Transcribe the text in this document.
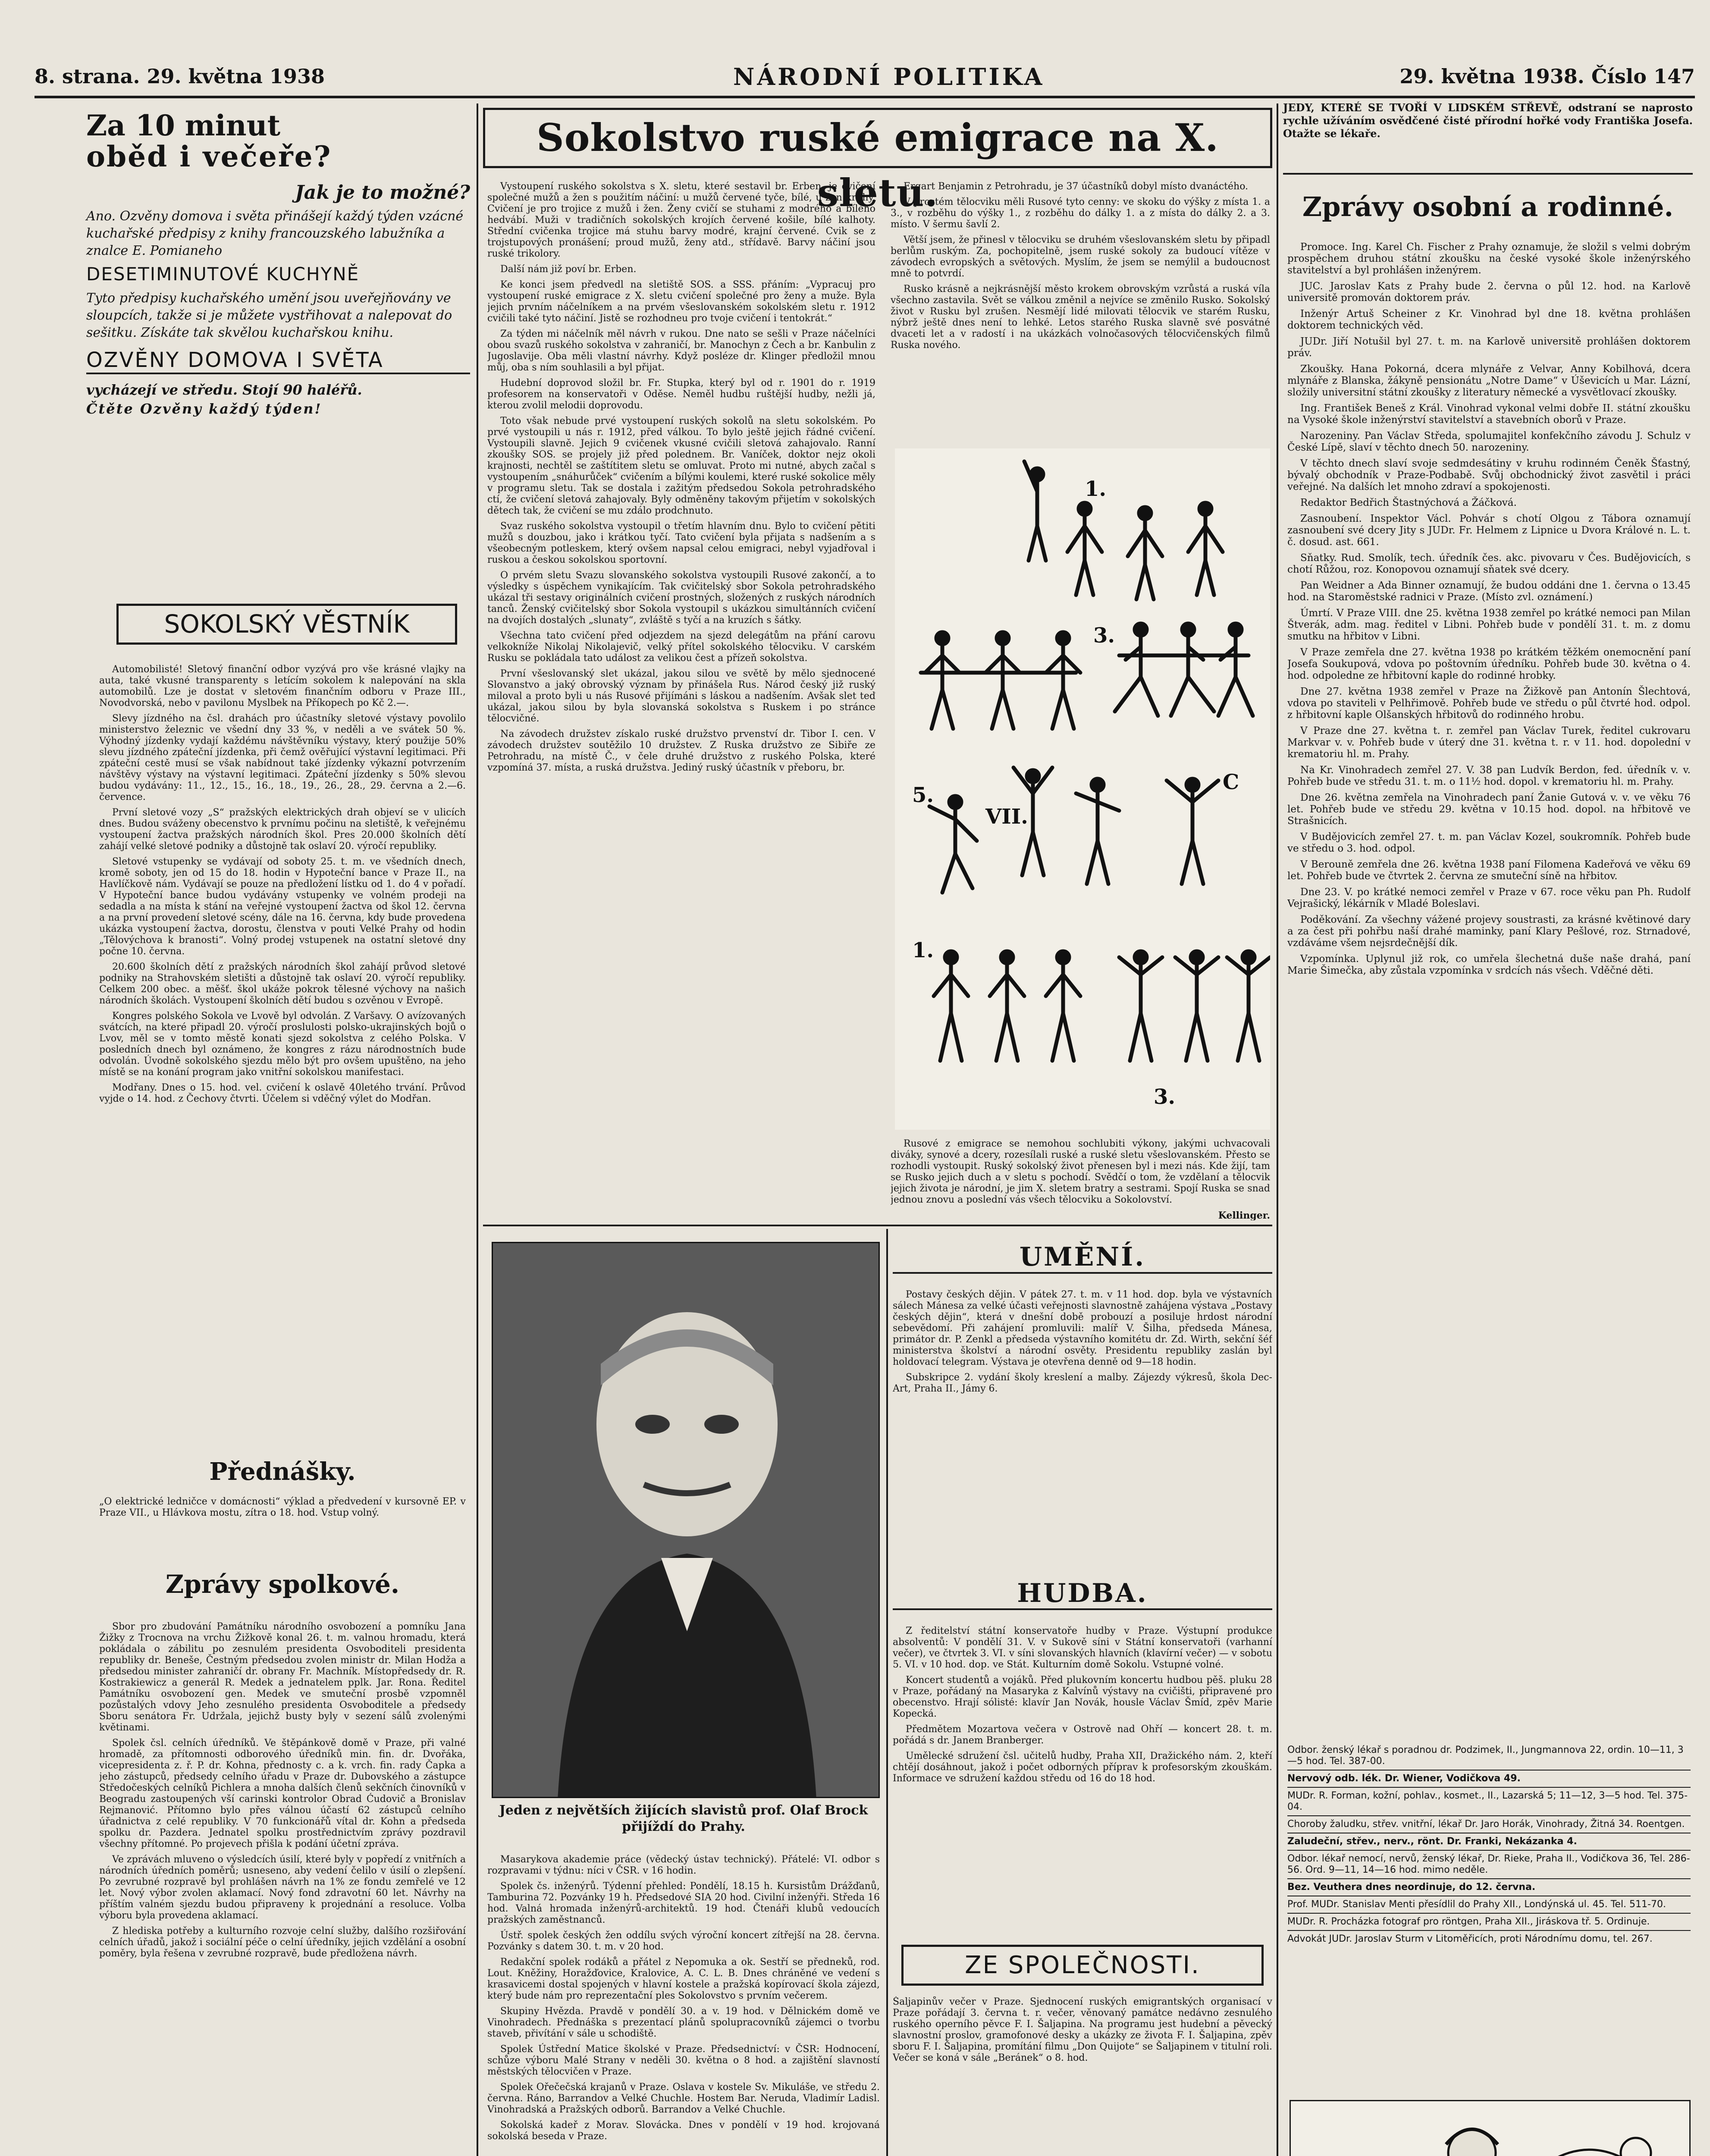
8. strana. 29. května 1938	NÁRODNÍ POLITIKA	29. května 1938. Číslo 147
Za 10 minut
oběd i večeře?
Jak je to možné?
Ano. Ozvěny domova i světa přinášejí každý týden vzácné kuchařské předpisy z knihy francouzského labužníka a znalce E. Pomianeho
DESETIMINUTOVÉ KUCHYNĚ
Tyto předpisy kuchařského umění jsou uveřejňovány ve sloupcích, takže si je můžete vystřihovat a nalepovat do sešitku. Získáte tak skvělou kuchařskou knihu.
OZVĚNY DOMOVA I SVĚTA
vycházejí ve středu. Stojí 90 haléřů.
Čtěte Ozvěny každý týden!
SOKOLSKÝ VĚSTNÍK

Automobilisté! Sletový finanční odbor vyzývá pro vše krásné vlajky na auta, také vkusné transparenty s letícím sokolem k nalepování na skla automobilů. Lze je dostat v sletovém finančním odboru v Praze III., Novodvorská, nebo v pavilonu Myslbek na Příkopech po Kč 2.—.

Slevy jízdného na čsl. drahách pro účastníky sletové výstavy povolilo ministerstvo železnic ve všední dny 33 %, v neděli a ve svátek 50 %. Výhodný jízdenky vydají každému návštěvníku výstavy, který použije 50% slevu jízdného zpáteční jízdenka, při čemž ověřující výstavní legitimaci. Při zpáteční cestě musí se však nabídnout také jízdenky výkazní potvrzením návštěvy výstavy na výstavní legitimaci. Zpáteční jízdenky s 50% slevou budou vydávány: 11., 12., 15., 16., 18., 19., 26., 28., 29. června a 2.—6. července.

První sletové vozy „S“ pražských elektrických drah objeví se v ulicích dnes. Budou sváženy obecenstvo k prvnímu počinu na sletiště, k veřejnému vystoupení žactva pražských národních škol. Pres 20.000 školních dětí zahájí velké sletové podniky a důstojně tak oslaví 20. výročí republiky.

Sletové vstupenky se vydávají od soboty 25. t. m. ve všedních dnech, kromě soboty, jen od 15 do 18. hodin v Hypoteční bance v Praze II., na Havlíčkově nám. Vydávají se pouze na předložení lístku od 1. do 4 v pořadí. V Hypoteční bance budou vydávány vstupenky ve volném prodeji na sedadla a na místa k stání na veřejné vystoupení žactva od škol 12. června a na první provedení sletové scény, dále na 16. června, kdy bude provedena ukázka vystoupení žactva, dorostu, členstva v pouti Velké Prahy od hodin „Tělovýchova k branosti“. Volný prodej vstupenek na ostatní sletové dny počne 10. června.

20.600 školních dětí z pražských národních škol zahájí průvod sletové podniky na Strahovském sletišti a důstojně tak oslaví 20. výročí republiky. Celkem 200 obec. a měšť. škol ukáže pokrok tělesné výchovy na našich národních školách. Vystoupení školních dětí budou s ozvěnou v Evropě.

Kongres polského Sokola ve Lvově byl odvolán. Z Varšavy. O avízovaných svátcích, na které připadl 20. výročí proslulosti polsko-ukrajinských bojů o Lvov, měl se v tomto městě konati sjezd sokolstva z celého Polska. V posledních dnech byl oznámeno, že kongres z rázu národnostních bude odvolán. Úvodně sokolského sjezdu mělo být pro ovšem upuštěno, na jeho místě se na konání program jako vnitřní sokolskou manifestaci.

Modřany. Dnes o 15. hod. vel. cvičení k oslavě 40letého trvání. Průvod vyjde o 14. hod. z Čechovy čtvrti. Účelem si vděčný výlet do Modřan.

Přednášky.
„O elektrické ledničce v domácnosti“ výklad a předvedení v kursovně EP. v Praze VII., u Hlávkova mostu, zítra o 18. hod. Vstup volný.
Zprávy spolkové.

Sbor pro zbudování Památníku národního osvobození a pomníku Jana Žižky z Trocnova na vrchu Žižkově konal 26. t. m. valnou hromadu, která pokládala o zábilitu po zesnulém presidenta Osvoboditeli presidenta republiky dr. Beneše, Čestným předsedou zvolen ministr dr. Milan Hodža a předsedou minister zahraničí dr. obrany Fr. Machník. Místopředsedy dr. R. Kostrakiewicz a generál R. Medek a jednatelem pplk. Jar. Rona. Ředitel Památníku osvobození gen. Medek ve smuteční prosbě vzpomněl pozůstalých vdovy Jeho zesnulého presidenta Osvoboditele a předsedy Sboru senátora Fr. Udržala, jejichž busty byly v sezení sálů zvolenými květinami.

Spolek čsl. celních úředníků. Ve štěpánkově domě v Praze, při valné hromadě, za přítomnosti odborového úředníků min. fin. dr. Dvořáka, vicepresidenta z. ř. P. dr. Kohna, přednosty c. a k. vrch. fin. rady Čapka a jeho zástupců, předsedy celního úřadu v Praze dr. Dubovského a zástupce Středočeských celníků Pichlera a mnoha dalších členů sekčních činovníků v Beogradu zastoupených vší carinski kontrolor Obrad Ćudovič a Bronislav Rejmanović. Přítomno bylo přes válnou účastí 62 zástupců celního úřadnictva z celé republiky. V 70 funkcionářů vítal dr. Kohn a předseda spolku dr. Pazdera. Jednatel spolku prostřednictvím zprávy pozdravil všechny přítomné. Po projevech přišla k podání účetní zpráva.

Ve zprávách mluveno o výsledcích úsilí, které byly v popředí z vnitřních a národních úředních poměrů; usneseno, aby vedení čelilo v úsilí o zlepšení. Po zevrubné rozpravě byl prohlášen návrh na 1% ze fondu zemřelé ve 12 let. Nový výbor zvolen aklamací. Nový fond zdravotní 60 let. Návrhy na příštím valném sjezdu budou připraveny k projednání a resoluce. Volba výboru byla provedena aklamací.

Z hlediska potřeby a kulturního rozvoje celní služby, dalšího rozšiřování celních úřadů, jakož i sociální péče o celní úředníky, jejich vzdělání a osobní poměry, byla řešena v zevrubné rozpravě, bude předložena návrh.

Sokolstvo ruské emigrace na X. sletu.

Vystoupení ruského sokolstva s X. sletu, které sestavil br. Erben, je cvičení společné mužů a žen s použitím náčiní: u mužů červené tyče, bílé, u žen kruhy. Cvičení je pro trojice z mužů i žen. Ženy cvičí se stuhami z modrého a bílého hedvábí. Muži v tradičních sokolských krojích červené košile, bílé kalhoty. Střední cvičenka trojice má stuhu barvy modré, krajní červené. Cvik se z trojstupových pronášení; proud mužů, ženy atd., střídavě. Barvy náčiní jsou ruské trikolory.

Další nám již poví br. Erben.

Ke konci jsem předvedl na sletiště SOS. a SSS. přáním: „Vypracuj pro vystoupení ruské emigrace z X. sletu cvičení společné pro ženy a muže. Byla jejich prvním náčelníkem a na prvém všeslovanském sokolském sletu r. 1912 cvičili také tyto náčiní. Jistě se rozhodneu pro tvoje cvičení i tentokrát.“

Za týden mi náčelník měl návrh v rukou. Dne nato se sešli v Praze náčelníci obou svazů ruského sokolstva v zahraničí, br. Manochyn z Čech a br. Kanbulin z Jugoslavije. Oba měli vlastní návrhy. Když posléze dr. Klinger předložil mnou můj, oba s ním souhlasili a byl přijat.

Hudební doprovod složil br. Fr. Stupka, který byl od r. 1901 do r. 1919 profesorem na konservatoři v Oděse. Neměl hudbu ruštější hudby, nežli já, kterou zvolil melodii doprovodu.

Toto však nebude prvé vystoupení ruských sokolů na sletu sokolském. Po prvé vystoupili u nás r. 1912, před válkou. To bylo ještě jejich řádné cvičení. Vystoupili slavně. Jejich 9 cvičenek vkusné cvičili sletová zahajovalo. Ranní zkoušky SOS. se projely již před polednem. Br. Vaníček, doktor nejz okoli krajnosti, nechtěl se zaštítitem sletu se omluvat. Proto mi nutné, abych začal s vystoupením „snáhurůček“ cvičením a bílými koulemi, které ruské sokolice měly v programu sletu. Tak se dostala i zažitým předsedou Sokola petrohradského ctí, že cvičení sletová zahajovaly. Byly odměněny takovým přijetím v sokolských dětech tak, že cvičení se mu zdálo prodchnuto.

Svaz ruského sokolstva vystoupil o třetím hlavním dnu. Bylo to cvičení pětiti mužů s douzbou, jako i krátkou tyčí. Tato cvičení byla přijata s nadšením a s všeobecným potleskem, který ovšem napsal celou emigraci, nebyl vyjadřoval i ruskou a českou sokolskou sportovní.

O prvém sletu Svazu slovanského sokolstva vystoupili Rusové zakončí, a to výsledky s úspěchem vynikajícím. Tak cvičitelský sbor Sokola petrohradského ukázal tři sestavy originálních cvičení prostných, složených z ruských národních tanců. Ženský cvičitelský sbor Sokola vystoupil s ukázkou simultánních cvičení na dvojích dostalých „slunaty“, zvláště s tyčí a na kruzích s šátky.

Všechna tato cvičení před odjezdem na sjezd delegátům na přání carovu velkokníže Nikolaj Nikolajevič, velký přítel sokolského tělocviku. V carském Rusku se pokládala tato událost za velikou čest a přízeň sokolstva.

První všeslovanský slet ukázal, jakou silou ve světě by mělo sjednocené Slovanstvo a jaký obrovský význam by přinášela Rus. Národ český již ruský miloval a proto byli u nás Rusové přijímáni s láskou a nadšením. Avšak slet teď ukázal, jakou silou by byla slovanská sokolstva s Ruskem i po stránce tělocvičné.

Na závodech družstev získalo ruské družstvo prvenství dr. Tibor I. cen. V závodech družstev soutěžilo 10 družstev. Z Ruska družstvo ze Sibiře ze Petrohradu, na místě Č., v čele druhé družstvo z ruského Polska, které vzpomíná 37. místa, a ruská družstva. Jediný ruský účastník v přeboru, br.

Ergart Benjamin z Petrohradu, je 37 účastníků dobyl místo dvanáctého.

V prostém tělocviku měli Rusové tyto cenny: ve skoku do výšky z místa 1. a 3., v rozběhu do výšky 1., z rozběhu do dálky 1. a z místa do dálky 2. a 3. místo. V šermu šavlí 2.

Větší jsem, že přinesl v tělocviku se druhém všeslovanském sletu by připadl berlům ruským. Za, pochopitelně, jsem ruské sokoly za budoucí vítěze v závodech evropských a světových. Myslím, že jsem se nemýlil a budoucnost mně to potvrdí.

Rusko krásně a nejkrásnější město krokem obrovským vzrůstá a ruská víla všechno zastavila. Svět se válkou změnil a nejvíce se změnilo Rusko. Sokolský život v Rusku byl zrušen. Nesmějí lidé milovati tělocvik ve starém Rusku, nýbrž ještě dnes není to lehké. Letos starého Ruska slavně své posvátné dvaceti let a v radostí i na ukázkách volnočasových tělocvičenských filmů Ruska nového.

1.
3.
5.
VII.
C
1.
3.

Rusové z emigrace se nemohou sochlubiti výkony, jakými uchvacovali diváky, synové a dcery, rozesílali ruské a ruské sletu všeslovanském. Přesto se rozhodli vystoupit. Ruský sokolský život přenesen byl i mezi nás. Kde žijí, tam se Rusko jejich duch a v sletu s pochodí. Svědčí o tom, že vzdělaní a tělocvik jejich života je národní, je jim X. sletem bratry a sestrami. Spojí Ruska se snad jednou znovu a poslední vás všech tělocviku a Sokolovství.

Kellinger.
Jeden z největších žijících slavistů prof. Olaf Brock přijíždí do Prahy.

Masarykova akademie práce (vědecký ústav technický). Přátelé: VI. odbor s rozpravami v týdnu: níci v ČSR. v 16 hodin.

Spolek čs. inženýrů. Týdenní přehled: Pondělí, 18.15 h. Kursistům Drážďanů, Tamburina 72. Pozvánky 19 h. Předsedové SIA 20 hod. Civilní inženýři. Středa 16 hod. Valná hromada inženýrů-architektů. 19 hod. Čtenáři klubů vedoucích pražských zaměstnanců.

Ústř. spolek českých žen oddílu svých výroční koncert zítřejší na 28. června. Pozvánky s datem 30. t. m. v 20 hod.

Redakční spolek rodáků a přátel z Nepomuka a ok. Sestří se předneků, rod. Lout. Kněžiny, Horažďovice, Kralovice, A. C. L. B. Dnes chráněné ve vedení s krasavicemi dostal spojených v hlavní kostele a pražská kopírovací škola zájezd, který bude nám pro reprezentační ples Sokolovstvo s prvním večerem.

Skupiny Hvězda. Pravdě v pondělí 30. a v. 19 hod. v Dělnickém domě ve Vinohradech. Přednáška s prezentací plánů spolupracovníků zájemci o tvorbu staveb, přivítání v sále u schodiště.

Spolek Ústřední Matice školské v Praze. Předsednictví: v ČSR: Hodnocení, schůze výboru Malé Strany v neděli 30. května o 8 hod. a zajištění slavností městských tělocvičen v Praze.

Spolek Ořečečská krajanů v Praze. Oslava v kostele Sv. Mikuláše, ve středu 2. června. Ráno, Barrandov a Velké Chuchle. Hostem Bar. Neruda, Vladimír Ladisl. Vinohradská a Pražských odborů. Barrandov a Velké Chuchle.

Sokolská kadeř z Morav. Slovácka. Dnes v pondělí v 19 hod. krojovaná sokolská beseda v Praze.

UMĚNÍ.

Postavy českých dějin. V pátek 27. t. m. v 11 hod. dop. byla ve výstavních sálech Mánesa za velké účasti veřejnosti slavnostně zahájena výstava „Postavy českých dějin“, která v dnešní době probouzí a posiluje hrdost národní sebevědomí. Při zahájení promluvili: malíř V. Šilha, předseda Mánesa, primátor dr. P. Zenkl a předseda výstavního komitétu dr. Zd. Wirth, sekční šéf ministerstva školství a národní osvěty. Presidentu republiky zaslán byl holdovací telegram. Výstava je otevřena denně od 9—18 hodin.

Subskripce 2. vydání školy kreslení a malby. Zájezdy výkresů, škola Dec-Art, Praha II., Jámy 6.

HUDBA.

Z ředitelství státní konservatoře hudby v Praze. Výstupní produkce absolventů: V pondělí 31. V. v Sukově síni v Státní konservatoři (varhanní večer), ve čtvrtek 3. VI. v síni slovanských hlavních (klavírní večer) — v sobotu 5. VI. v 10 hod. dop. ve Stát. Kulturním domě Sokolu. Vstupné volné.

Koncert studentů a vojáků. Před plukovním koncertu hudbou pěš. pluku 28 v Praze, pořádaný na Masaryka z Kalvínů výstavy na cvičišti, připravené pro obecenstvo. Hrají sólisté: klavír Jan Novák, housle Václav Šmíd, zpěv Marie Kopecká.

Předmětem Mozartova večera v Ostrově nad Ohří — koncert 28. t. m. pořádá s dr. Janem Branberger.

Umělecké sdružení čsl. učitelů hudby, Praha XII, Dražického nám. 2, kteří chtějí dosáhnout, jakož i počet odborných příprav k profesorským zkouškám. Informace ve sdružení každou středu od 16 do 18 hod.

ZE SPOLEČNOSTI.
Šaljapinův večer v Praze. Sjednocení ruských emigrantských organisací v Praze pořádají 3. června t. r. večer, věnovaný památce nedávno zesnulého ruského operního pěvce F. I. Šaljapina. Na programu jest hudební a pěvecký slavnostní proslov, gramofonové desky a ukázky ze života F. I. Šaljapina, zpěv sboru F. I. Šaljapina, promítání filmu „Don Quijote“ se Šaljapinem v titulní roli. Večer se koná v sále „Beránek“ o 8. hod.
JEDY, KTERÉ SE TVOŘÍ V LIDSKÉM STŘEVĚ, odstraní se naprosto rychle užíváním osvědčené čisté přírodní hořké vody Františka Josefa. Otažte se lékaře.
Zprávy osobní a rodinné.

Promoce. Ing. Karel Ch. Fischer z Prahy oznamuje, že složil s velmi dobrým prospěchem druhou státní zkoušku na české vysoké škole inženýrského stavitelství a byl prohlášen inženýrem.

JUC. Jaroslav Kats z Prahy bude 2. června o půl 12. hod. na Karlově universitě promován doktorem práv.

Inženýr Artuš Scheiner z Kr. Vinohrad byl dne 18. května prohlášen doktorem technických věd.

JUDr. Jiří Notušil byl 27. t. m. na Karlově universitě prohlášen doktorem práv.

Zkoušky. Hana Pokorná, dcera mlynáře z Velvar, Anny Kobilhová, dcera mlynáře z Blanska, žákyně pensionátu „Notre Dame“ v Úševicích u Mar. Lázní, složily universitní státní zkoušky z literatury německé a vysvětlovací zkoušky.

Ing. František Beneš z Král. Vinohrad vykonal velmi dobře II. státní zkoušku na Vysoké škole inženýrství stavitelství a stavebních oborů v Praze.

Narozeniny. Pan Václav Středa, spolumajitel konfekčního závodu J. Schulz v České Lípě, slaví v těchto dnech 50. narozeniny.

V těchto dnech slaví svoje sedmdesátiny v kruhu rodinném Čeněk Šťastný, bývalý obchodník v Praze-Podbabě. Svůj obchodnický život zasvětil i práci veřejné. Na dalších let mnoho zdraví a spokojenosti.

Redaktor Bedřich Štastnýchová a Žáčková.

Zasnoubení. Inspektor Václ. Pohvár s chotí Olgou z Tábora oznamují zasnoubení své dcery Jity s JUDr. Fr. Helmem z Lipnice u Dvora Králové n. L. t. č. dosud. ast. 661.

Sňatky. Rud. Smolík, tech. úředník čes. akc. pivovaru v Čes. Budějovicích, s chotí Růžou, roz. Konopovou oznamují sňatek své dcery.

Pan Weidner a Ada Binner oznamují, že budou oddáni dne 1. června o 13.45 hod. na Staroměstské radnici v Praze. (Místo zvl. oznámení.)

Úmrtí. V Praze VIII. dne 25. května 1938 zemřel po krátké nemoci pan Milan Štverák, adm. mag. ředitel v Libni. Pohřeb bude v pondělí 31. t. m. z domu smutku na hřbitov v Libni.

V Praze zemřela dne 27. května 1938 po krátkém těžkém onemocnění paní Josefa Soukupová, vdova po poštovním úředníku. Pohřeb bude 30. května o 4. hod. odpoledne ze hřbitovní kaple do rodinné hrobky.

Dne 27. května 1938 zemřel v Praze na Žižkově pan Antonín Šlechtová, vdova po staviteli v Pelhřimově. Pohřeb bude ve středu o půl čtvrté hod. odpol. z hřbitovní kaple Olšanských hřbitovů do rodinného hrobu.

V Praze dne 27. května t. r. zemřel pan Václav Turek, ředitel cukrovaru Markvar v. v. Pohřeb bude v úterý dne 31. května t. r. v 11. hod. dopolední v krematoriu hl. m. Prahy.

Na Kr. Vinohradech zemřel 27. V. 38 pan Ludvík Berdon, fed. úředník v. v. Pohřeb bude ve středu 31. t. m. o 11½ hod. dopol. v krematoriu hl. m. Prahy.

Dne 26. května zemřela na Vinohradech paní Žanie Gutová v. v. ve věku 76 let. Pohřeb bude ve středu 29. května v 10.15 hod. dopol. na hřbitově ve Strašnicích.

V Budějovicích zemřel 27. t. m. pan Václav Kozel, soukromník. Pohřeb bude ve středu o 3. hod. odpol.

V Berouně zemřela dne 26. května 1938 paní Filomena Kadeřová ve věku 69 let. Pohřeb bude ve čtvrtek 2. června ze smuteční síně na hřbitov.

Dne 23. V. po krátké nemoci zemřel v Praze v 67. roce věku pan Ph. Rudolf Vejrašický, lékárník v Mladé Boleslavi.

Poděkování. Za všechny vážené projevy soustrasti, za krásné květinové dary a za čest při pohřbu naší drahé maminky, paní Klary Pešlové, roz. Strnadové, vzdáváme všem nejsrdečnější dík.

Vzpomínka. Uplynul již rok, co umřela šlechetná duše naše drahá, paní Marie Šimečka, aby zůstala vzpomínka v srdcích nás všech. Vděčné děti.

Odbor. ženský lékař s poradnou dr. Podzimek, II., Jungmannova 22, ordin. 10—11, 3—5 hod. Tel. 387-00.
Nervový odb. lék. Dr. Wiener, Vodičkova 49.
MUDr. R. Forman, kožní, pohlav., kosmet., II., Lazarská 5; 11—12, 3—5 hod. Tel. 375-04.
Choroby žaludku, střev. vnitřní, lékař Dr. Jaro Horák, Vinohrady, Žitná 34. Roentgen.
Zaludeční, střev., nerv., rönt. Dr. Franki, Nekázanka 4.
Odbor. lékař nemocí, nervů, ženský lékař, Dr. Rieke, Praha II., Vodičkova 36, Tel. 286-56. Ord. 9—11, 14—16 hod. mimo neděle.
Bez. Veuthera dnes neordinuje, do 12. června.
Prof. MUDr. Stanislav Menti přesídlil do Prahy XII., Londýnská ul. 45. Tel. 511-70.
MUDr. R. Procházka fotograf pro röntgen, Praha XII., Jiráskova tř. 5. Ordinuje.
Advokát JUDr. Jaroslav Sturm v Litoměřicích, proti Národnímu domu, tel. 267.
